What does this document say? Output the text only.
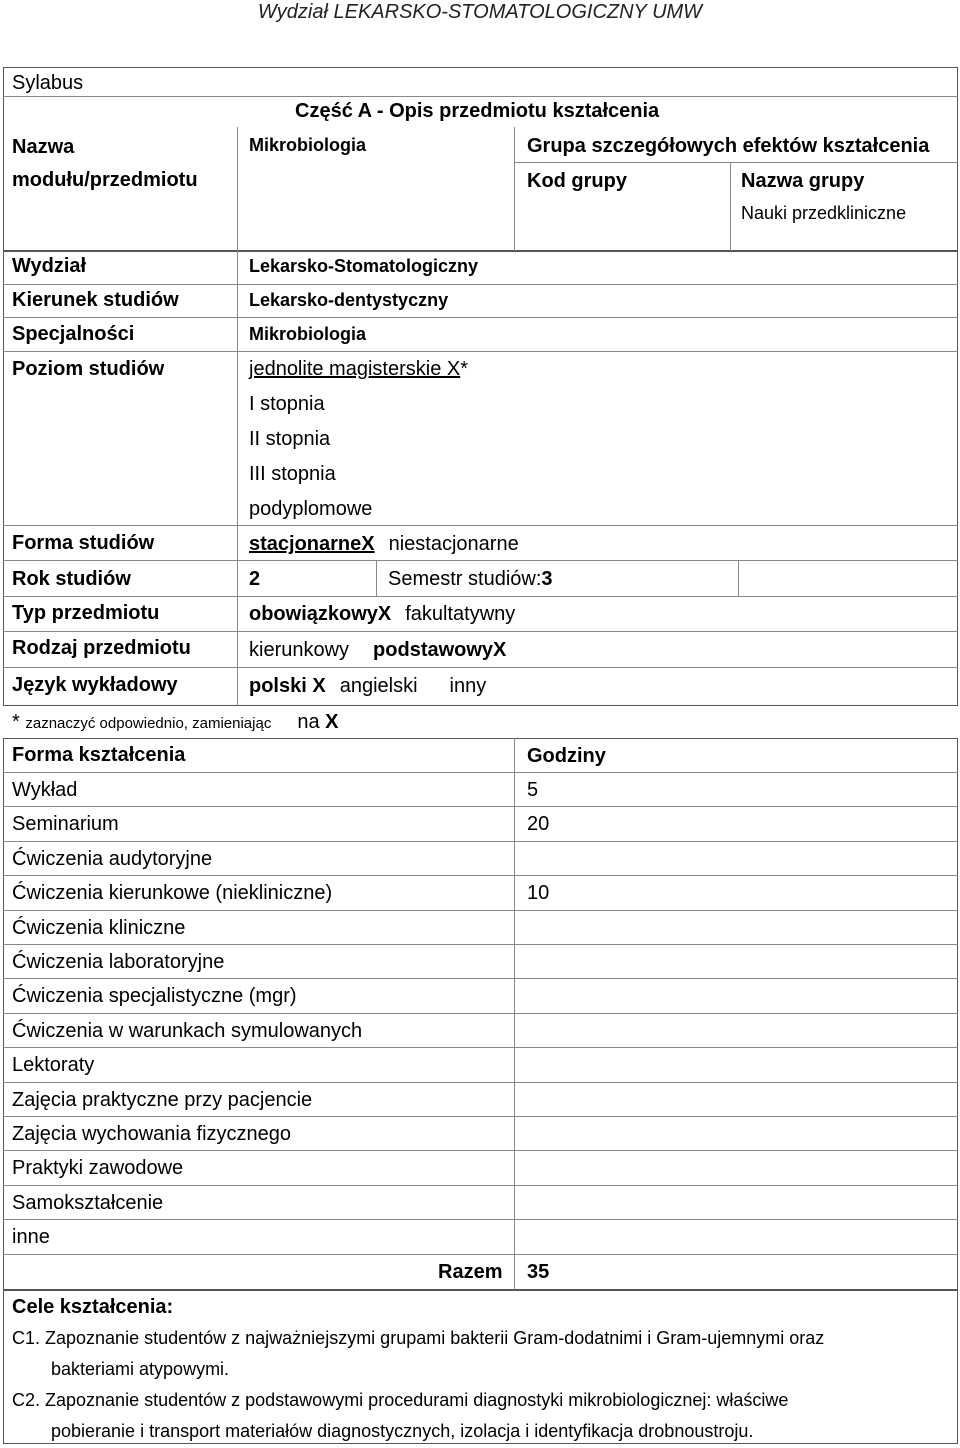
Wydział LEKARSKO-STOMATOLOGICZNY UMW
Sylabus
Część A - Opis przedmiotu kształcenia
Nazwa
modułu/przedmiotu
Mikrobiologia	Grupa szczegółowych efektów kształcenia
Kod grupy	Nazwa grupy
Nauki przedkliniczne
Wydział	Lekarsko-Stomatologiczny
Kierunek studiów	Lekarsko-dentystyczny
Specjalności	Mikrobiologia
Poziom studiów	jednolite magisterskie X*
I stopnia
II stopnia
III stopnia
podyplomowe
Forma studiów	stacjonarneX niestacjonarne
Rok studiów	2	Semestr studiów:3
Typ przedmiotu	obowiązkowyX fakultatywny
Rodzaj przedmiotu	kierunkowy podstawowyX
Język wykładowy	polski X angielski inny
* zaznaczyć odpowiednio, zamieniając na X
Forma kształcenia	Godziny
Wykład	5
Seminarium	20
Ćwiczenia audytoryjne
Ćwiczenia kierunkowe (niekliniczne)	10
Ćwiczenia kliniczne
Ćwiczenia laboratoryjne
Ćwiczenia specjalistyczne (mgr)
Ćwiczenia w warunkach symulowanych
Lektoraty
Zajęcia praktyczne przy pacjencie
Zajęcia wychowania fizycznego
Praktyki zawodowe
Samokształcenie
inne
Razem 35
Cele kształcenia:
C1. Zapoznanie studentów z najważniejszymi grupami bakterii Gram-dodatnimi i Gram-ujemnymi oraz
bakteriami atypowymi.
C2. Zapoznanie studentów z podstawowymi procedurami diagnostyki mikrobiologicznej: właściwe
pobieranie i transport materiałów diagnostycznych, izolacja i identyfikacja drobnoustroju.
